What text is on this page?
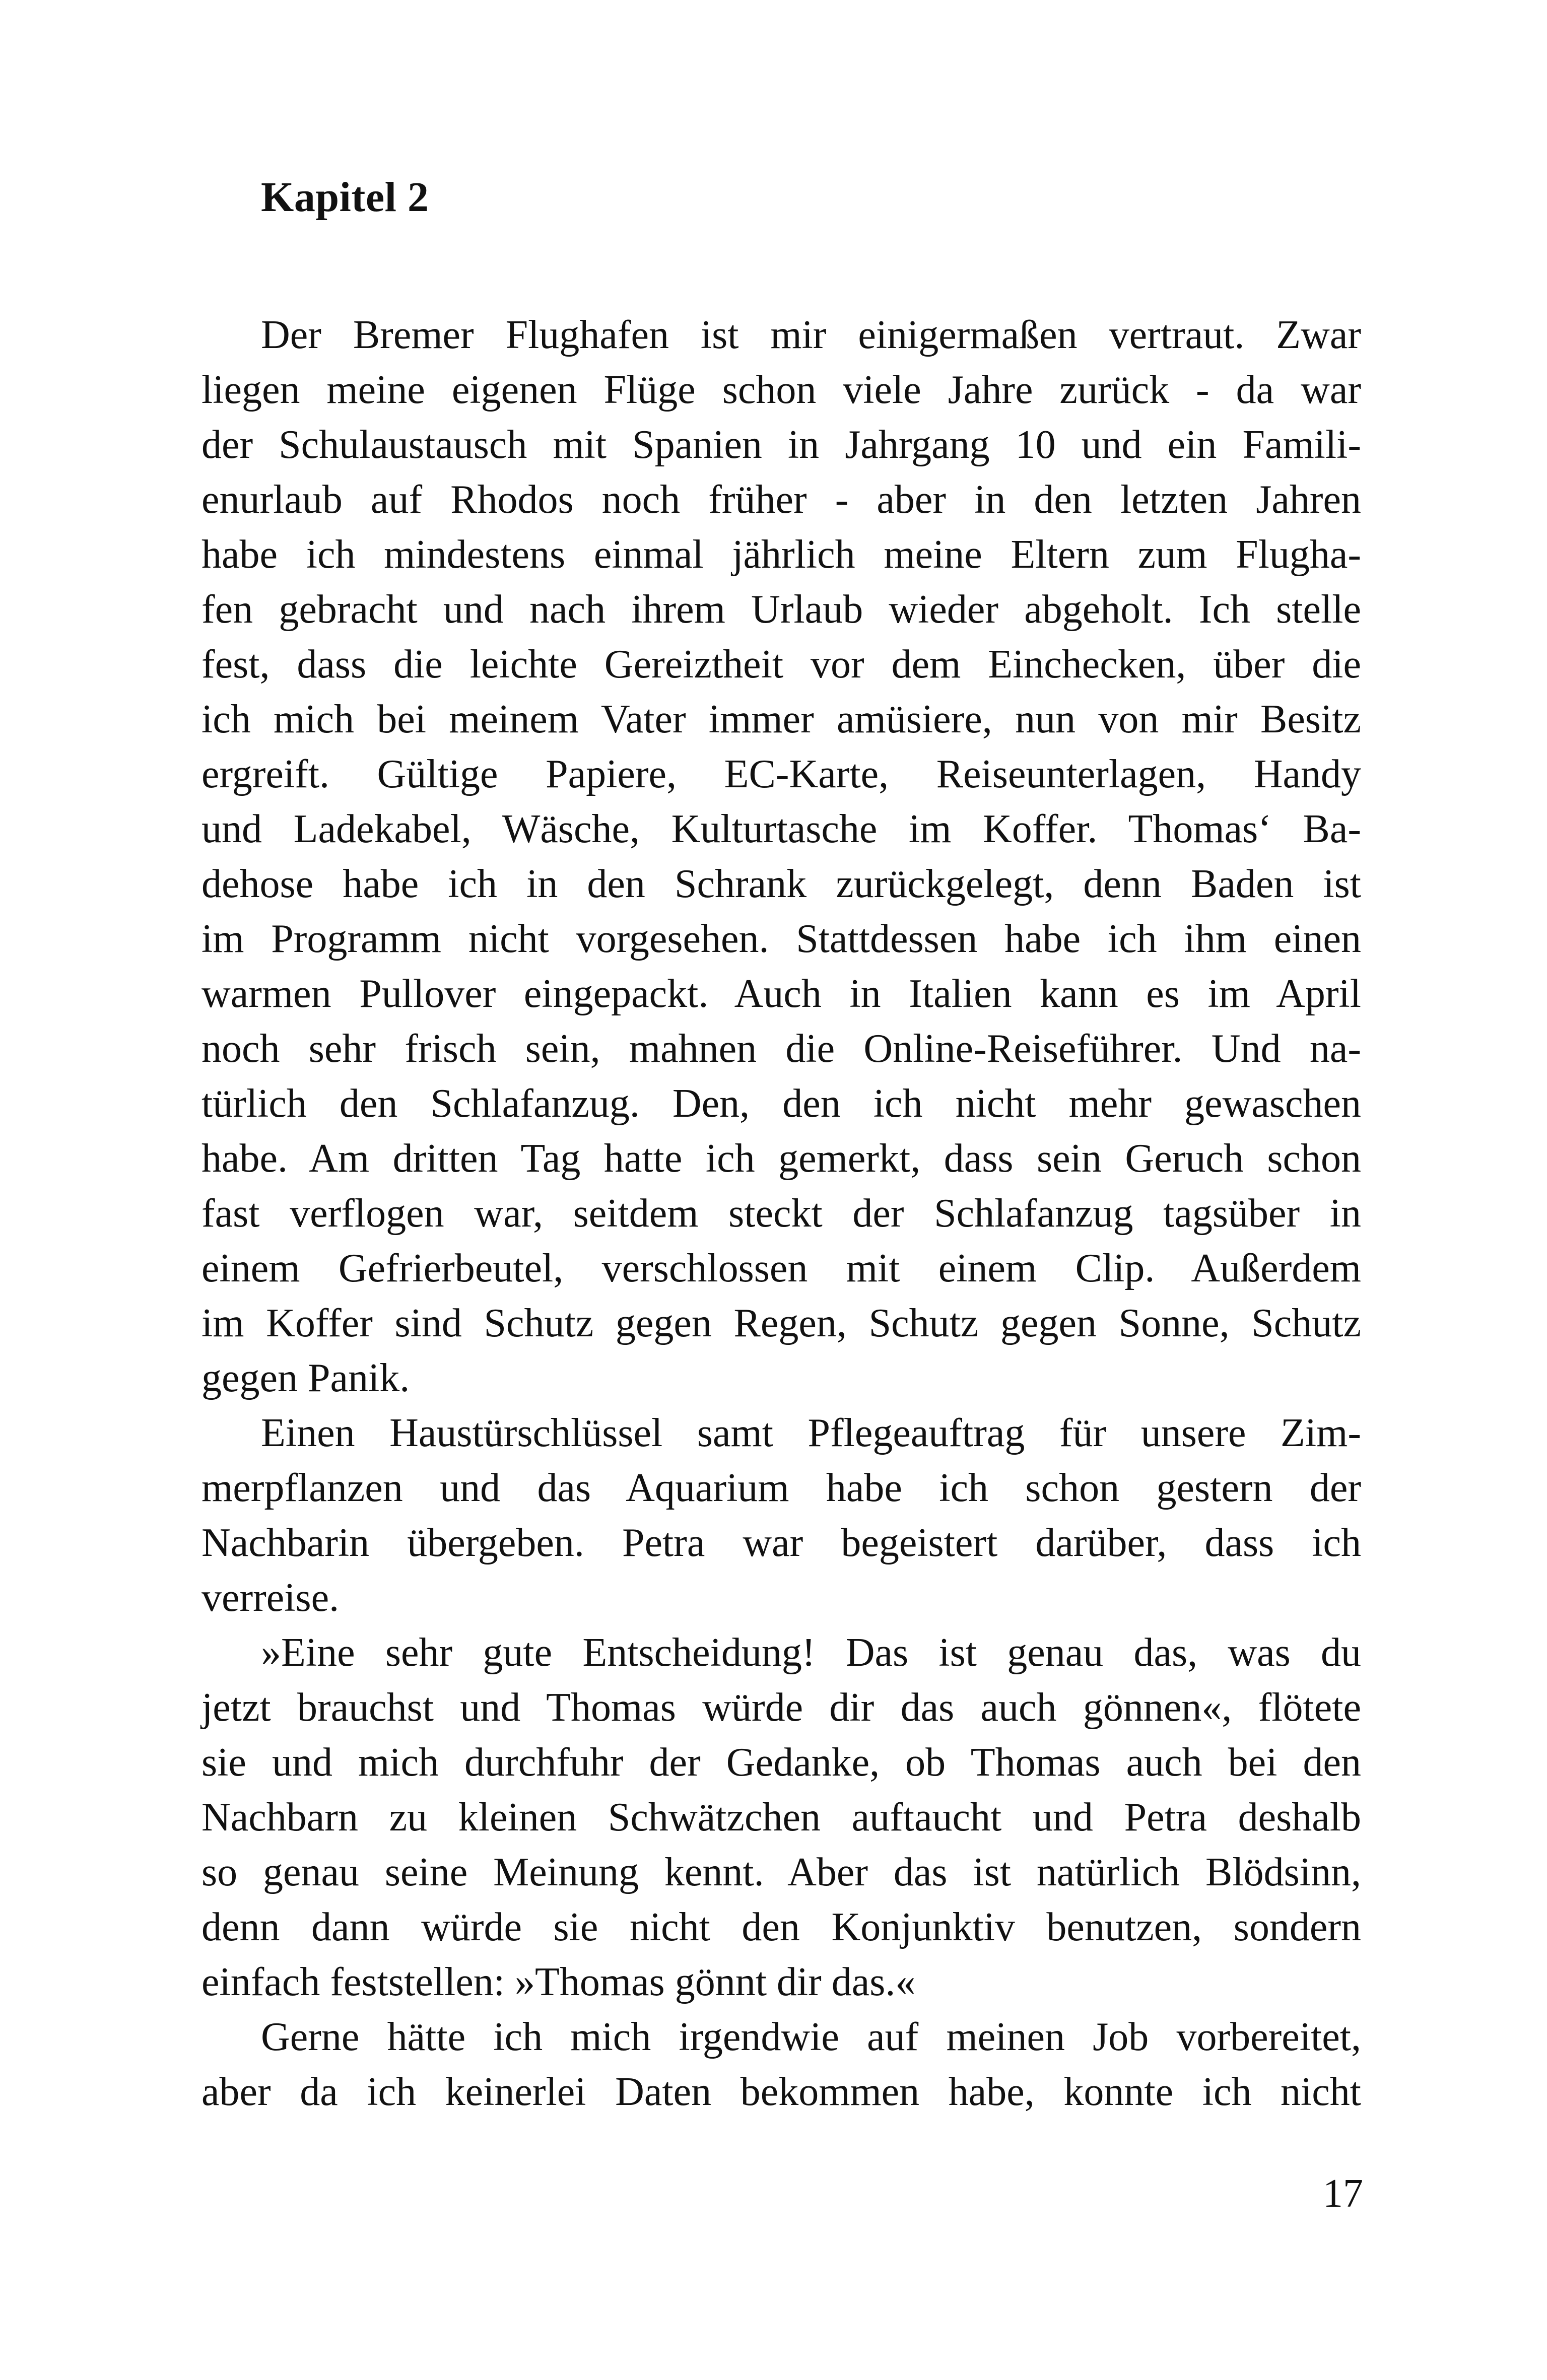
Kapitel 2
Der Bremer Flughafen ist mir einigermaßen vertraut. Zwar
liegen meine eigenen Flüge schon viele Jahre zurück - da war
der Schulaustausch mit Spanien in Jahrgang 10 und ein Famili-
enurlaub auf Rhodos noch früher - aber in den letzten Jahren
habe ich mindestens einmal jährlich meine Eltern zum Flugha-
fen gebracht und nach ihrem Urlaub wieder abgeholt. Ich stelle
fest, dass die leichte Gereiztheit vor dem Einchecken, über die
ich mich bei meinem Vater immer amüsiere, nun von mir Besitz
ergreift. Gültige Papiere, EC-Karte, Reiseunterlagen, Handy
und Ladekabel, Wäsche, Kulturtasche im Koffer. Thomas‘ Ba-
dehose habe ich in den Schrank zurückgelegt, denn Baden ist
im Programm nicht vorgesehen. Stattdessen habe ich ihm einen
warmen Pullover eingepackt. Auch in Italien kann es im April
noch sehr frisch sein, mahnen die Online-Reiseführer. Und na-
türlich den Schlafanzug. Den, den ich nicht mehr gewaschen
habe. Am dritten Tag hatte ich gemerkt, dass sein Geruch schon
fast verflogen war, seitdem steckt der Schlafanzug tagsüber in
einem Gefrierbeutel, verschlossen mit einem Clip. Außerdem
im Koffer sind Schutz gegen Regen, Schutz gegen Sonne, Schutz
gegen Panik.
Einen Haustürschlüssel samt Pflegeauftrag für unsere Zim-
merpflanzen und das Aquarium habe ich schon gestern der
Nachbarin übergeben. Petra war begeistert darüber, dass ich
verreise.
»Eine sehr gute Entscheidung! Das ist genau das, was du
jetzt brauchst und Thomas würde dir das auch gönnen«, flötete
sie und mich durchfuhr der Gedanke, ob Thomas auch bei den
Nachbarn zu kleinen Schwätzchen auftaucht und Petra deshalb
so genau seine Meinung kennt. Aber das ist natürlich Blödsinn,
denn dann würde sie nicht den Konjunktiv benutzen, sondern
einfach feststellen: »Thomas gönnt dir das.«
Gerne hätte ich mich irgendwie auf meinen Job vorbereitet,
aber da ich keinerlei Daten bekommen habe, konnte ich nicht
17
